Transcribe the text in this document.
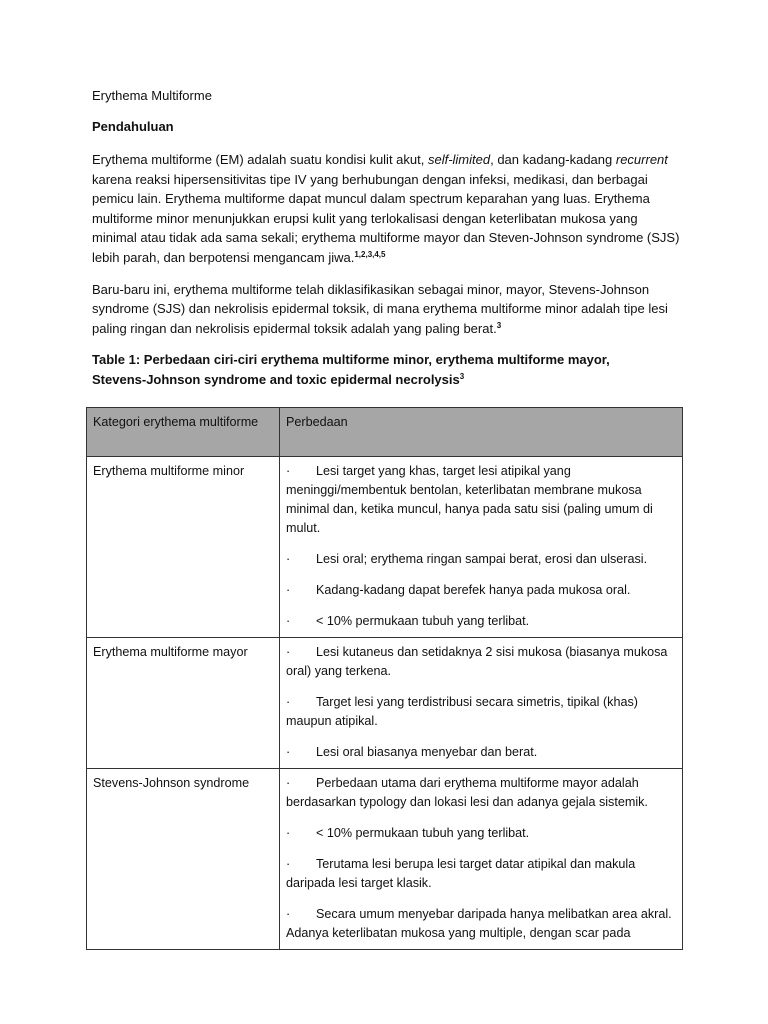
Erythema Multiforme
Pendahuluan

Erythema multiforme (EM) adalah suatu kondisi kulit akut, self-limited, dan kadang-kadang recurrent karena reaksi hipersensitivitas tipe IV yang berhubungan dengan infeksi, medikasi, dan berbagai pemicu lain. Erythema multiforme dapat muncul dalam spectrum keparahan yang luas. Erythema multiforme minor menunjukkan erupsi kulit yang terlokalisasi dengan keterlibatan mukosa yang minimal atau tidak ada sama sekali; erythema multiforme mayor dan Steven-Johnson syndrome (SJS) lebih parah, dan berpotensi mengancam jiwa.$^{1,2,3,4,5}$

Baru-baru ini, erythema multiforme telah diklasifikasikan sebagai minor, mayor, Stevens-Johnson syndrome (SJS) dan nekrolisis epidermal toksik, di mana erythema multiforme minor adalah tipe lesi paling ringan dan nekrolisis epidermal toksik adalah yang paling berat.$^3$

Table 1: Perbedaan ciri-ciri erythema multiforme minor, erythema multiforme mayor, Stevens-Johnson syndrome and toxic epidermal necrolysis$^3$
Kategori erythema multiforme	Perbedaan
Erythema multiforme minor	· Lesi target yang khas, target lesi atipikal yang meninggi/membentuk bentolan, keterlibatan membrane mukosa minimal dan, ketika muncul, hanya pada satu sisi (paling umum di mulut.
· Lesi oral; erythema ringan sampai berat, erosi dan ulserasi.
· Kadang-kadang dapat berefek hanya pada mukosa oral.
· < 10% permukaan tubuh yang terlibat.

Erythema multiforme mayor	· Lesi kutaneus dan setidaknya 2 sisi mukosa (biasanya mukosa oral) yang terkena.
· Target lesi yang terdistribusi secara simetris, tipikal (khas) maupun atipikal.
· Lesi oral biasanya menyebar dan berat.

Stevens-Johnson syndrome	· Perbedaan utama dari erythema multiforme mayor adalah berdasarkan typology dan lokasi lesi dan adanya gejala sistemik.
· < 10% permukaan tubuh yang terlibat.
· Terutama lesi berupa lesi target datar atipikal dan makula daripada lesi target klasik.
· Secara umum menyebar daripada hanya melibatkan area akral. Adanya keterlibatan mukosa yang multiple, dengan scar pada
